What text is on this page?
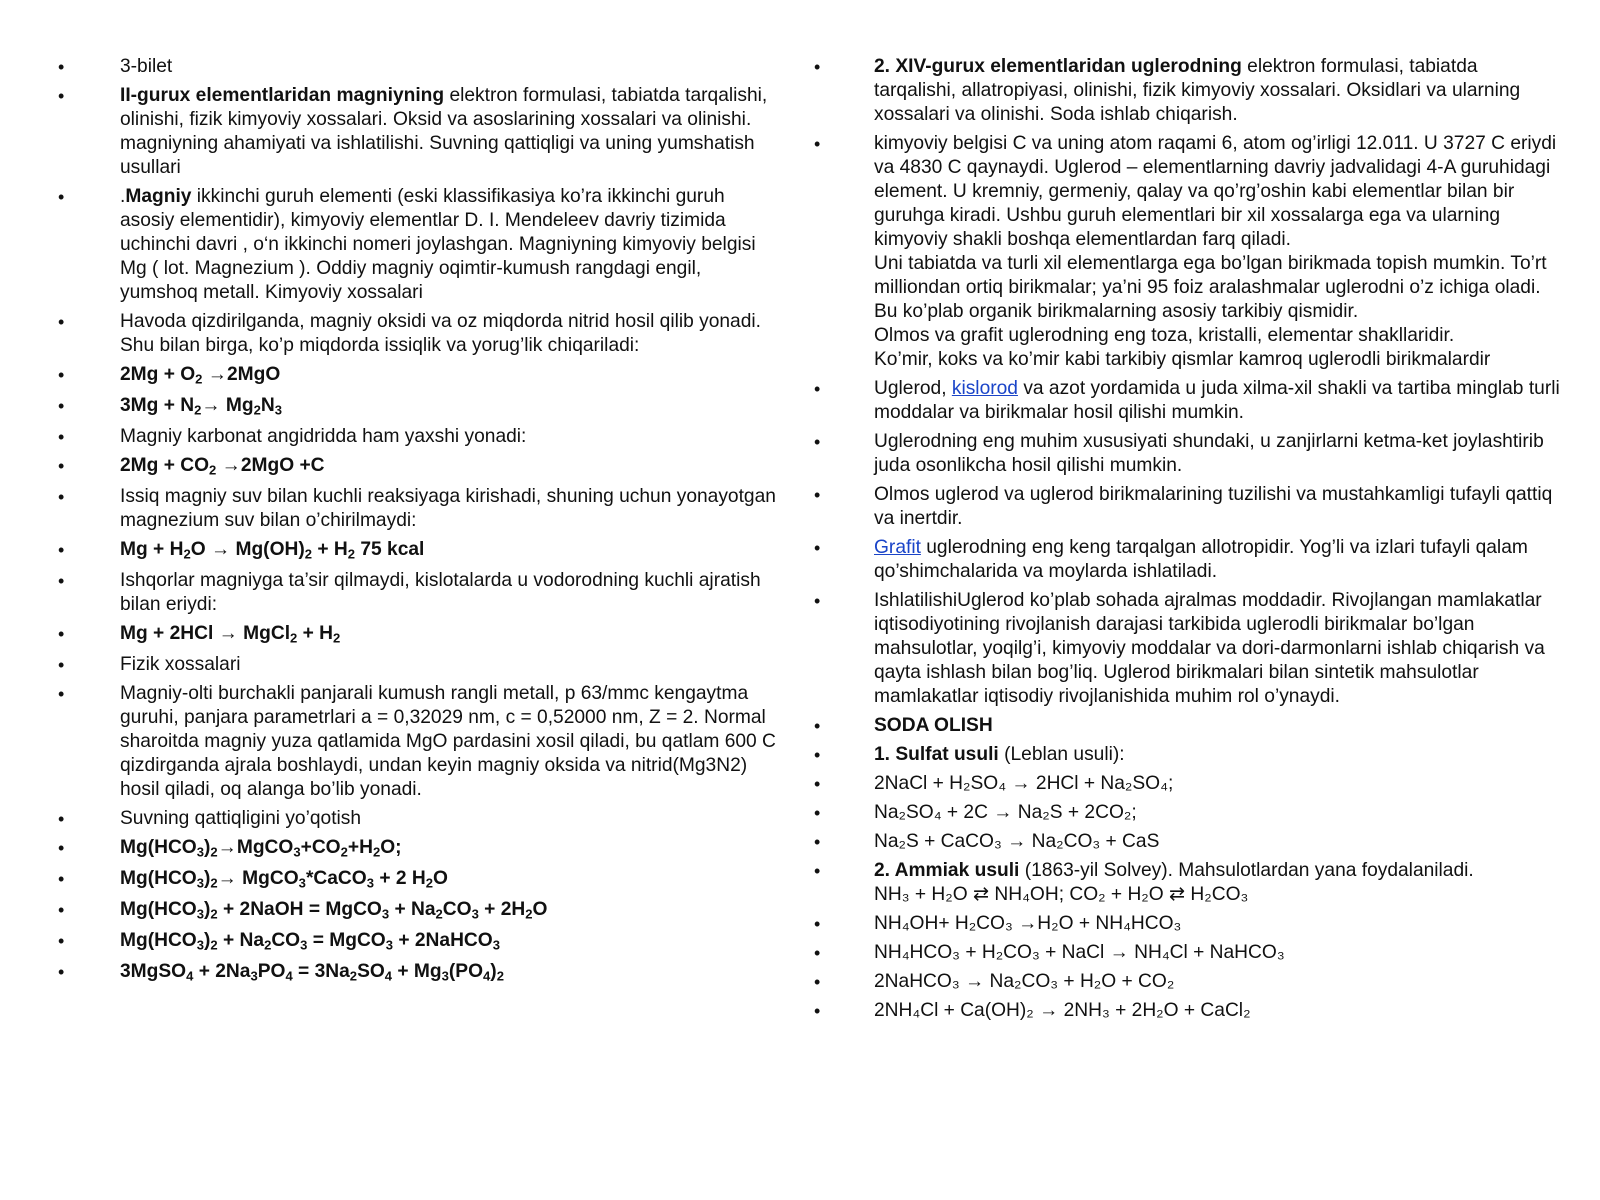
• 3-bilet
• II-gurux elementlaridan magniyning elektron formulasi, tabiatda tarqalishi, olinishi, fizik kimyoviy xossalari. Oksid va asoslarining xossalari va olinishi. magniyning ahamiyati va ishlatilishi. Suvning qattiqligi va uning yumshatish usullari
• .Magniy ikkinchi guruh elementi (eski klassifikasiya ko’ra ikkinchi guruh asosiy elementidir), kimyoviy elementlar D. I. Mendeleev davriy tizimida uchinchi davri , o‘n ikkinchi nomeri joylashgan. Magniyning kimyoviy belgisi Mg ( lot. Magnezium ). Oddiy magniy oqimtir-kumush rangdagi engil, yumshoq metall. Kimyoviy xossalari
• Havoda qizdirilganda, magniy oksidi va oz miqdorda nitrid hosil qilib yonadi. Shu bilan birga, ko’p miqdorda issiqlik va yorug’lik chiqariladi:
• $2Mg + O_2 \to 2MgO$
• $3Mg + N_2\to Mg_2N_3$
• Magniy karbonat angidridda ham yaxshi yonadi:
• $2Mg + CO_2 \to 2MgO +C$
• Issiq magniy suv bilan kuchli reaksiyaga kirishadi, shuning uchun yonayotgan magnezium suv bilan o’chirilmaydi:
• $Mg + H_2O \to Mg(OH)_2 + H_2$ 75 kcal
• Ishqorlar magniyga ta’sir qilmaydi, kislotalarda u vodorodning kuchli ajratish bilan eriydi:
• Mg + 2HCl → MgCl$_2$ + $H_2$
• Fizik xossalari
• Magniy-olti burchakli panjarali kumush rangli metall, p 63/mmc kengaytma guruhi, panjara parametrlari a = 0,32029 nm, c = 0,52000 nm, Z = 2. Normal sharoitda magniy yuza qatlamida MgO pardasini xosil qiladi, bu qatlam 600 C qizdirganda ajrala boshlaydi, undan keyin magniy oksida va nitrid(Mg3N2) hosil qiladi, oq alanga bo’lib yonadi.
• Suvning qattiqligini yo’qotish
• $Mg(HCO_3)_2\to MgCO_3+CO_2+H_2O$;
• $Mg(HCO_3)_2\to$ MgCO$_3$*CaCO$_3$ + 2 $H_2O$
• $Mg(HCO_3)_2$ + 2NaOH = MgCO$_3$ + $Na_2CO_3 + 2H_2O$
• $Mg(HCO_3)_2 + Na_2CO_3$ = MgCO$_3$ + 2NaHCO$_3$
• 3MgSO$_4$ + $2Na_3PO_4 = 3Na_2SO_4 + Mg_3(PO_4)_2$
• 2. XIV-gurux elementlaridan uglerodning elektron formulasi, tabiatda tarqalishi, allatropiyasi, olinishi, fizik kimyoviy xossalari. Oksidlari va ularning xossalari va olinishi. Soda ishlab chiqarish.
• kimyoviy belgisi C va uning atom raqami 6, atom og’irligi 12.011. U 3727 C eriydi va 4830 C qaynaydi. Uglerod – elementlarning davriy jadvalidagi 4-A guruhidagi element. U kremniy, germeniy, qalay va qo’rg’oshin kabi elementlar bilan bir guruhga kiradi. Ushbu guruh elementlari bir xil xossalarga ega va ularning kimyoviy shakli boshqa elementlardan farq qiladi.
Uni tabiatda va turli xil elementlarga ega bo’lgan birikmada topish mumkin. To’rt milliondan ortiq birikmalar; ya’ni 95 foiz aralashmalar uglerodni o’z ichiga oladi. Bu ko’plab organik birikmalarning asosiy tarkibiy qismidir.
Olmos va grafit uglerodning eng toza, kristalli, elementar shakllaridir.
Ko’mir, koks va ko’mir kabi tarkibiy qismlar kamroq uglerodli birikmalardir
• Uglerod, kislorod va azot yordamida u juda xilma-xil shakli va tartiba minglab turli moddalar va birikmalar hosil qilishi mumkin.
• Uglerodning eng muhim xususiyati shundaki, u zanjirlarni ketma-ket joylashtirib juda osonlikcha hosil qilishi mumkin.
• Olmos uglerod va uglerod birikmalarining tuzilishi va mustahkamligi tufayli qattiq va inertdir.
• Grafit uglerodning eng keng tarqalgan allotropidir. Yog’li va izlari tufayli qalam qo’shimchalarida va moylarda ishlatiladi.
• IshlatilishiUglerod ko’plab sohada ajralmas moddadir. Rivojlangan mamlakatlar iqtisodiyotining rivojlanish darajasi tarkibida uglerodli birikmalar bo’lgan mahsulotlar, yoqilg’i, kimyoviy moddalar va dori-darmonlarni ishlab chiqarish va qayta ishlash bilan bog’liq. Uglerod birikmalari bilan sintetik mahsulotlar mamlakatlar iqtisodiy rivojlanishida muhim rol o’ynaydi.
• SODA OLISH
• 1. Sulfat usuli (Leblan usuli):
• 2NaCl + H₂SO₄ → 2HCl + Na₂SO₄;
• Na₂SO₄ + 2C → Na₂S + 2CO₂;
• Na₂S + CaCO₃ → Na₂CO₃ + CaS
• 2. Ammiak usuli (1863-yil Solvey). Mahsulotlardan yana foydalaniladi.
NH₃ + H₂O ⇄ NH₄OH; CO₂ + H₂O ⇄ H₂CO₃
• NH₄OH+ H₂CO₃ →H₂O + NH₄HCO₃
• NH₄HCO₃ + H₂CO₃ + NaCl → NH₄Cl + NaHCO₃
• 2NaHCO₃ → Na₂CO₃ + H₂O + CO₂
• 2NH₄Cl + Ca(OH)₂ → 2NH₃ + 2H₂O + CaCl₂
